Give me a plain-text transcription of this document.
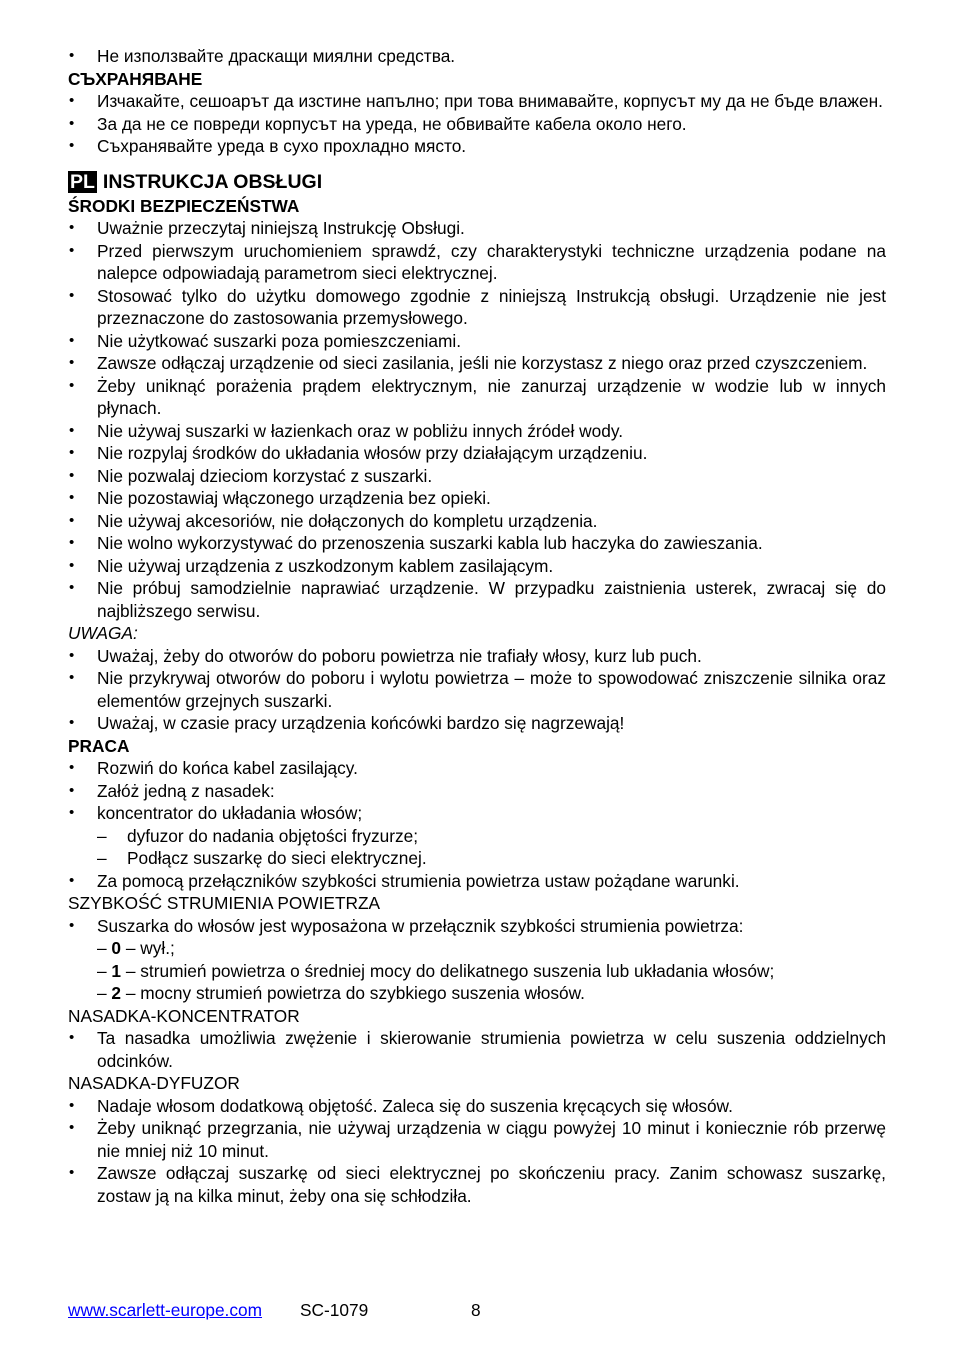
• Не използвайте драскащи миялни средства.
СЪХРАНЯВАНЕ
• Изчакайте, сешоарът да изстине напълно; при това внимавайте, корпусът му да не бъде влажен.
• За да не се повреди корпусът на уреда, не обвивайте кабела около него.
• Съхранявайте уреда в сухо прохладно място.
PL INSTRUKCJA OBSŁUGI
ŚRODKI BEZPIECZEŃSTWA
• Uważnie przeczytaj niniejszą Instrukcję Obsługi.
• Przed pierwszym uruchomieniem sprawdź, czy charakterystyki techniczne urządzenia podane na nalepce odpowiadają parametrom sieci elektrycznej.
• Stosować tylko do użytku domowego zgodnie z niniejszą Instrukcją obsługi. Urządzenie nie jest przeznaczone do zastosowania przemysłowego.
• Nie użytkować suszarki poza pomieszczeniami.
• Zawsze odłączaj urządzenie od sieci zasilania, jeśli nie korzystasz z niego oraz przed czyszczeniem.
• Żeby uniknąć porażenia prądem elektrycznym, nie zanurzaj urządzenie w wodzie lub w innych płynach.
• Nie używaj suszarki w łazienkach oraz w pobliżu innych źródeł wody.
• Nie rozpylaj środków do układania włosów przy działającym urządzeniu.
• Nie pozwalaj dzieciom korzystać z suszarki.
• Nie pozostawiaj włączonego urządzenia bez opieki.
• Nie używaj akcesoriów, nie dołączonych do kompletu urządzenia.
• Nie wolno wykorzystywać do przenoszenia suszarki kabla lub haczyka do zawieszania.
• Nie używaj urządzenia z uszkodzonym kablem zasilającym.
• Nie próbuj samodzielnie naprawiać urządzenie. W przypadku zaistnienia usterek, zwracaj się do najbliższego serwisu.
UWAGA:
• Uważaj, żeby do otworów do poboru powietrza nie trafiały włosy, kurz lub puch.
• Nie przykrywaj otworów do poboru i wylotu powietrza – może to spowodować zniszczenie silnika oraz elementów grzejnych suszarki.
• Uważaj, w czasie pracy urządzenia końcówki bardzo się nagrzewają!
PRACA
• Rozwiń do końca kabel zasilający.
• Załóż jedną z nasadek:
• koncentrator do układania włosów;
– dyfuzor do nadania objętości fryzurze;
– Podłącz suszarkę do sieci elektrycznej.
• Za pomocą przełączników szybkości strumienia powietrza ustaw pożądane warunki.
SZYBKOŚĆ STRUMIENIA POWIETRZA
• Suszarka do włosów jest wyposażona w przełącznik szybkości strumienia powietrza:
– 0 – wył.;
– 1 – strumień powietrza o średniej mocy do delikatnego suszenia lub układania włosów;
– 2 – mocny strumień powietrza do szybkiego suszenia włosów.
NASADKA-KONCENTRATOR
• Ta nasadka umożliwia zwężenie i skierowanie strumienia powietrza w celu suszenia oddzielnych odcinków.
NASADKA-DYFUZOR
• Nadaje włosom dodatkową objętość. Zaleca się do suszenia kręcących się włosów.
• Żeby uniknąć przegrzania, nie używaj urządzenia w ciągu powyżej 10 minut i koniecznie rób przerwę nie mniej niż 10 minut.
• Zawsze odłączaj suszarkę od sieci elektrycznej po skończeniu pracy. Zanim schowasz suszarkę, zostaw ją na kilka minut, żeby ona się schłodziła.
www.scarlett-europe.com SC-1079	8
